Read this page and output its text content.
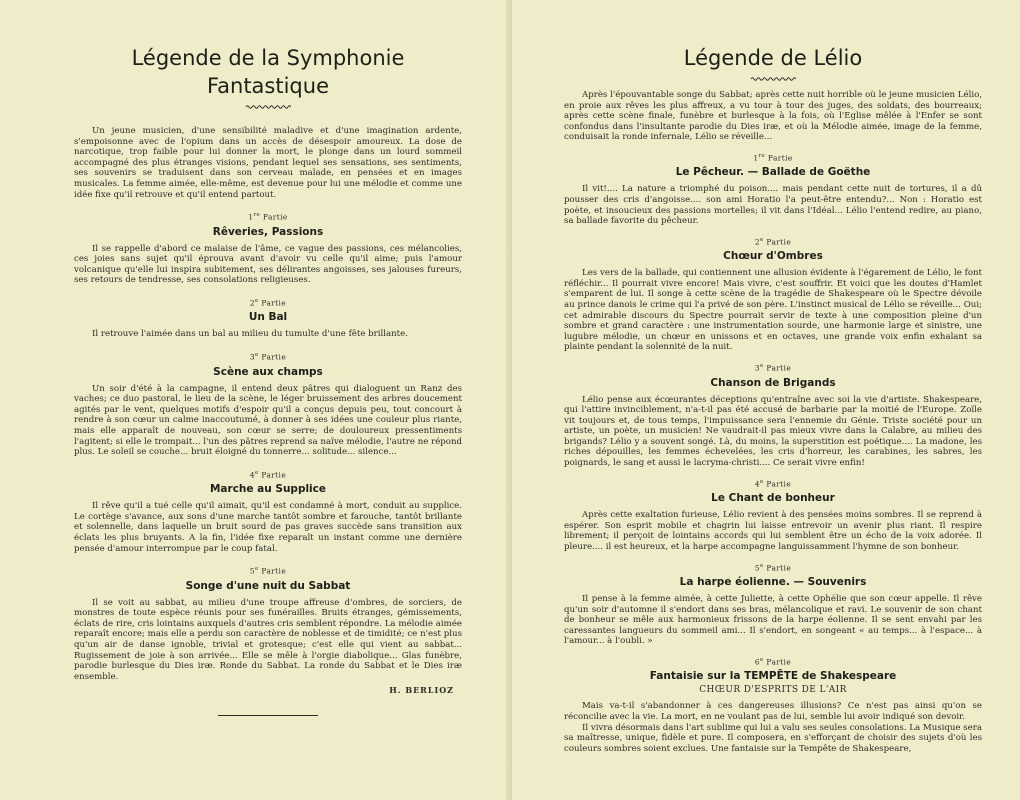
Légende de la Symphonie Fantastique

Un jeune musicien, d'une sensibilité maladive et d'une imagination ardente, s'empoisonne avec de l'opium dans un accès de désespoir amoureux. La dose de narcotique, trop faible pour lui donner la mort, le plonge dans un lourd sommeil accompagné des plus étranges visions, pendant lequel ses sensations, ses sentiments, ses souvenirs se traduisent dans son cerveau malade, en pensées et en images musicales. La femme aimée, elle-même, est devenue pour lui une mélodie et comme une idée fixe qu'il retrouve et qu'il entend partout.

1re Partie
Rêveries, Passions

Il se rappelle d'abord ce malaise de l'âme, ce vague des passions, ces mélancolies, ces joies sans sujet qu'il éprouva avant d'avoir vu celle qu'il aime; puis l'amour volcanique qu'elle lui inspira subitement, ses délirantes angoisses, ses jalouses fureurs, ses retours de tendresse, ses consolations religieuses.

2e Partie
Un Bal

Il retrouve l'aimée dans un bal au milieu du tumulte d'une fête brillante.

3e Partie
Scène aux champs

Un soir d'été à la campagne, il entend deux pâtres qui dialoguent un Ranz des vaches; ce duo pastoral, le lieu de la scène, le léger bruissement des arbres doucement agités par le vent, quelques motifs d'espoir qu'il a conçus depuis peu, tout concourt à rendre à son cœur un calme inaccoutumé, à donner à ses idées une couleur plus riante, mais elle apparaît de nouveau, son cœur se serre; de douloureux pressentiments l'agitent; si elle le trompait... l'un des pâtres reprend sa naïve mélodie, l'autre ne répond plus. Le soleil se couche... bruit éloigné du tonnerre... solitude... silence...

4e Partie
Marche au Supplice

Il rêve qu'il a tué celle qu'il aimait, qu'il est condamné à mort, conduit au supplice. Le cortège s'avance, aux sons d'une marche tantôt sombre et farouche, tantôt brillante et solennelle, dans laquelle un bruit sourd de pas graves succède sans transition aux éclats les plus bruyants. A la fin, l'idée fixe reparaît un instant comme une dernière pensée d'amour interrompue par le coup fatal.

5e Partie
Songe d'une nuit du Sabbat

Il se voit au sabbat, au milieu d'une troupe affreuse d'ombres, de sorciers, de monstres de toute espèce réunis pour ses funérailles. Bruits étranges, gémissements, éclats de rire, cris lointains auxquels d'autres cris semblent répondre. La mélodie aimée reparaît encore; mais elle a perdu son caractère de noblesse et de timidité; ce n'est plus qu'un air de danse ignoble, trivial et grotesque; c'est elle qui vient au sabbat... Rugissement de joie à son arrivée... Elle se mêle à l'orgie diabolique... Glas funèbre, parodie burlesque du Dies iræ. Ronde du Sabbat. La ronde du Sabbat et le Dies iræ ensemble.

H. BERLIOZ
Légende de Lélio

Après l'épouvantable songe du Sabbat; après cette nuit horrible où le jeune musicien Lélio, en proie aux rêves les plus affreux, a vu tour à tour des juges, des soldats, des bourreaux; après cette scène finale, funèbre et burlesque à la fois, où l'Eglise mêlée à l'Enfer se sont confondus dans l'insultante parodie du Dies iræ, et où la Mélodie aimée, image de la femme, conduisait la ronde infernale, Lélio se réveille...

1re Partie
Le Pêcheur. — Ballade de Goëthe

Il vit!.... La nature a triomphé du poison.... mais pendant cette nuit de tortures, il a dû pousser des cris d'angoisse.... son ami Horatio l'a peut-être entendu?... Non : Horatio est poète, et insoucieux des passions mortelles; il vit dans l'Idéal... Lélio l'entend redire, au piano, sa ballade favorite du pêcheur.

2e Partie
Chœur d'Ombres

Les vers de la ballade, qui contiennent une allusion évidente à l'égarement de Lélio, le font réfléchir... Il pourrait vivre encore! Mais vivre, c'est souffrir. Et voici que les doutes d'Hamlet s'emparent de lui. Il songe à cette scène de la tragédie de Shakespeare où le Spectre dévoile au prince danois le crime qui l'a privé de son père. L'instinct musical de Lélio se réveille... Oui; cet admirable discours du Spectre pourrait servir de texte à une composition pleine d'un sombre et grand caractère : une instrumentation sourde, une harmonie large et sinistre, une lugubre mélodie, un chœur en unissons et en octaves, une grande voix enfin exhalant sa plainte pendant la solennité de la nuit.

3e Partie
Chanson de Brigands

Lélio pense aux écœurantes déceptions qu'entraîne avec soi la vie d'artiste. Shakespeare, qui l'attire invinciblement, n'a-t-il pas été accusé de barbarie par la moitié de l'Europe. Zoïle vit toujours et, de tous temps, l'impuissance sera l'ennemie du Génie. Triste société pour un artiste, un poète, un musicien! Ne vaudrait-il pas mieux vivre dans la Calabre, au milieu des brigands? Lélio y a souvent songé. Là, du moins, la superstition est poétique.... La madone, les riches dépouilles, les femmes échevelées, les cris d'horreur, les carabines, les sabres, les poignards, le sang et aussi le lacryma-christi.... Ce serait vivre enfin!

4e Partie
Le Chant de bonheur

Après cette exaltation furieuse, Lélio revient à des pensées moins sombres. Il se reprend à espérer. Son esprit mobile et chagrin lui laisse entrevoir un avenir plus riant. Il respire librement; il perçoit de lointains accords qui lui semblent être un écho de la voix adorée. Il pleure.... il est heureux, et la harpe accompagne languissamment l'hymne de son bonheur.

5e Partie
La harpe éolienne. — Souvenirs

Il pense à la femme aimée, à cette Juliette, à cette Ophélie que son cœur appelle. Il rêve qu'un soir d'automne il s'endort dans ses bras, mélancolique et ravi. Le souvenir de son chant de bonheur se mêle aux harmonieux frissons de la harpe éolienne. Il se sent envahi par les caressantes langueurs du sommeil ami... Il s'endort, en songeant « au temps... à l'espace... à l'amour... à l'oubli. »

6e Partie
Fantaisie sur la TEMPÊTE de Shakespeare
CHŒUR D'ESPRITS DE L'AIR

Mais va-t-il s'abandonner à ces dangereuses illusions? Ce n'est pas ainsi qu'on se réconcilie avec la vie. La mort, en ne voulant pas de lui, semble lui avoir indiqué son devoir.

Il vivra désormais dans l'art sublime qui lui a valu ses seules consolations. La Musique sera sa maîtresse, unique, fidèle et pure. Il composera, en s'efforçant de choisir des sujets d'où les couleurs sombres soient exclues. Une fantaisie sur la Tempête de Shakespeare,
